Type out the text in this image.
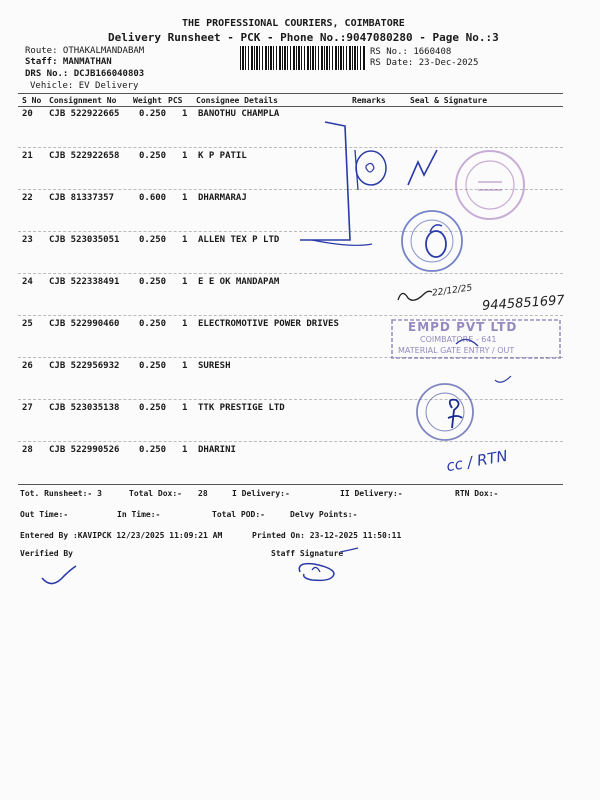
THE PROFESSIONAL COURIERS, COIMBATORE
Delivery Runsheet - PCK - Phone No.:9047080280 - Page No.:3
Route: OTHAKALMANDABAM
Staff: MANMATHAN
DRS No.: DCJB166040803
Vehicle: EV Delivery
RS No.: 1660408
RS Date: 23-Dec-2025
S No Consignment No Weight PCS Consignee Details	Remarks	Seal & Signature
20 CJB 522922665 0.250 1 BANOTHU CHAMPLA
21 CJB 522922658 0.250 1 K P PATIL
22 CJB 81337357	0.600 1 DHARMARAJ
23 CJB 523035051 0.250 1 ALLEN TEX P LTD
24 CJB 522338491 0.250 1 E E OK MANDAPAM
25 CJB 522990460 0.250 1 ELECTROMOTIVE POWER DRIVES
26 CJB 522956932 0.250 1 SURESH
27 CJB 523035138 0.250 1 TTK PRESTIGE LTD
28 CJB 522990526 0.250 1 DHARINI
Tot. Runsheet:- 3	Total Dox:- 28	I Delivery:-	II Delivery:-	RTN Dox:-
Out Time:-	In Time:-	Total POD:-	Delvy Points:-
Entered By :KAVIPCK 12/23/2025 11:09:21 AM	Printed On: 23-12-2025 11:50:11
Verified By	Staff Signature
EMPD PVT LTD
COIMBATORE - 641
MATERIAL GATE ENTRY / OUT
22/12/25
9445851697
cc / RTN
